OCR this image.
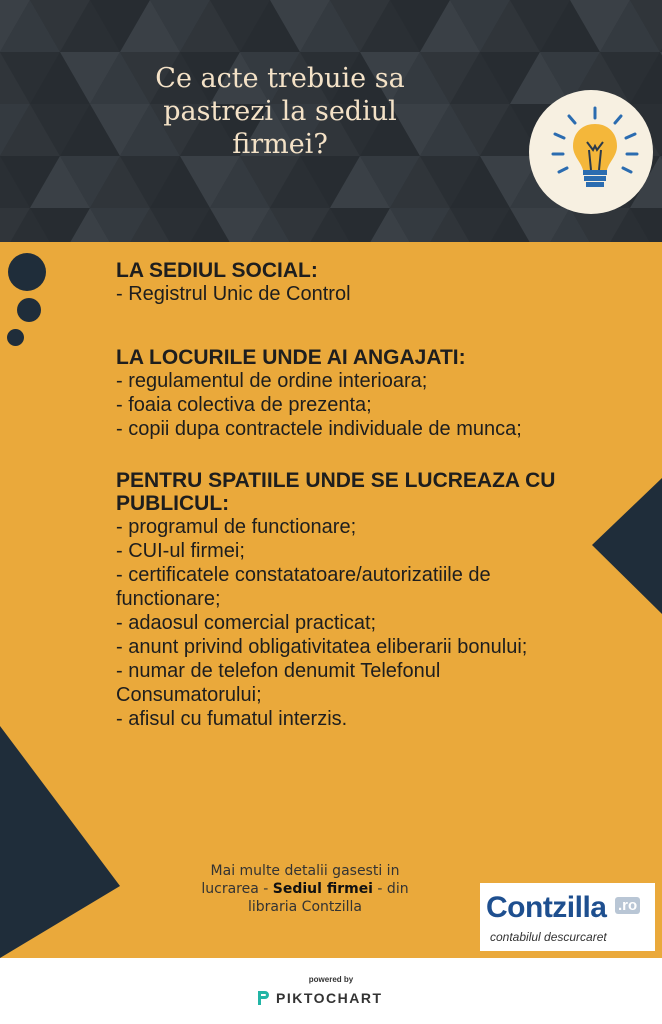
Ce acte trebuie sa
pastrezi la sediul
firmei?

LA SEDIUL SOCIAL:

- Registrul Unic de Control

LA LOCURILE UNDE AI ANGAJATI:

- regulamentul de ordine interioara;

- foaia colectiva de prezenta;

- copii dupa contractele individuale de munca;

PENTRU SPATIILE UNDE SE LUCREAZA CU PUBLICUL:

- programul de functionare;

- CUI-ul firmei;

- certificatele constatatoare/autorizatiile de functionare;

- adaosul comercial practicat;

- anunt privind obligativitatea eliberarii bonului;

- numar de telefon denumit Telefonul Consumatorului;

- afisul cu fumatul interzis.

Mai multe detalii gasesti in
lucrarea - Sediul firmei - din
libraria Contzilla	Contzilla .ro
contabilul descurcaret
powered by
PIKTOCHART
